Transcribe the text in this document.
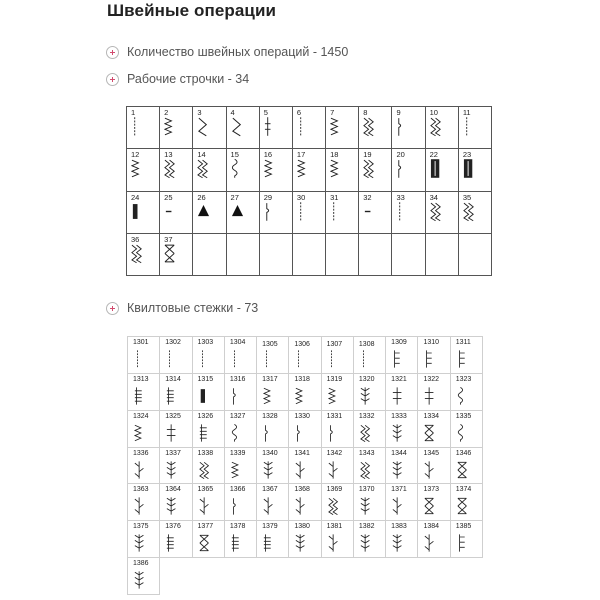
Швейные операции
Количество швейных операций - 1450
Рабочие строчки - 34
1	2	3	4	5	6	7	8	9	10	11
12	13	14	15	16	17	18	19	20	22	23
24	25	26	27	29	30	31	32	33	34	35
36	37
Квилтовые стежки - 73
1301 1302 1303 1304 1305 1306 1307 1308 1309 1310 1311
1313 1314 1315 1316 1317 1318 1319 1320 1321 1322 1323
1324 1325 1326 1327 1328 1330 1331 1332 1333 1334 1335
1336 1337 1338 1339 1340 1341 1342 1343 1344 1345 1346
1363 1364 1365 1366 1367 1368 1369 1370 1371 1373 1374
1375 1376 1377 1378 1379 1380 1381 1382 1383 1384 1385
1386
